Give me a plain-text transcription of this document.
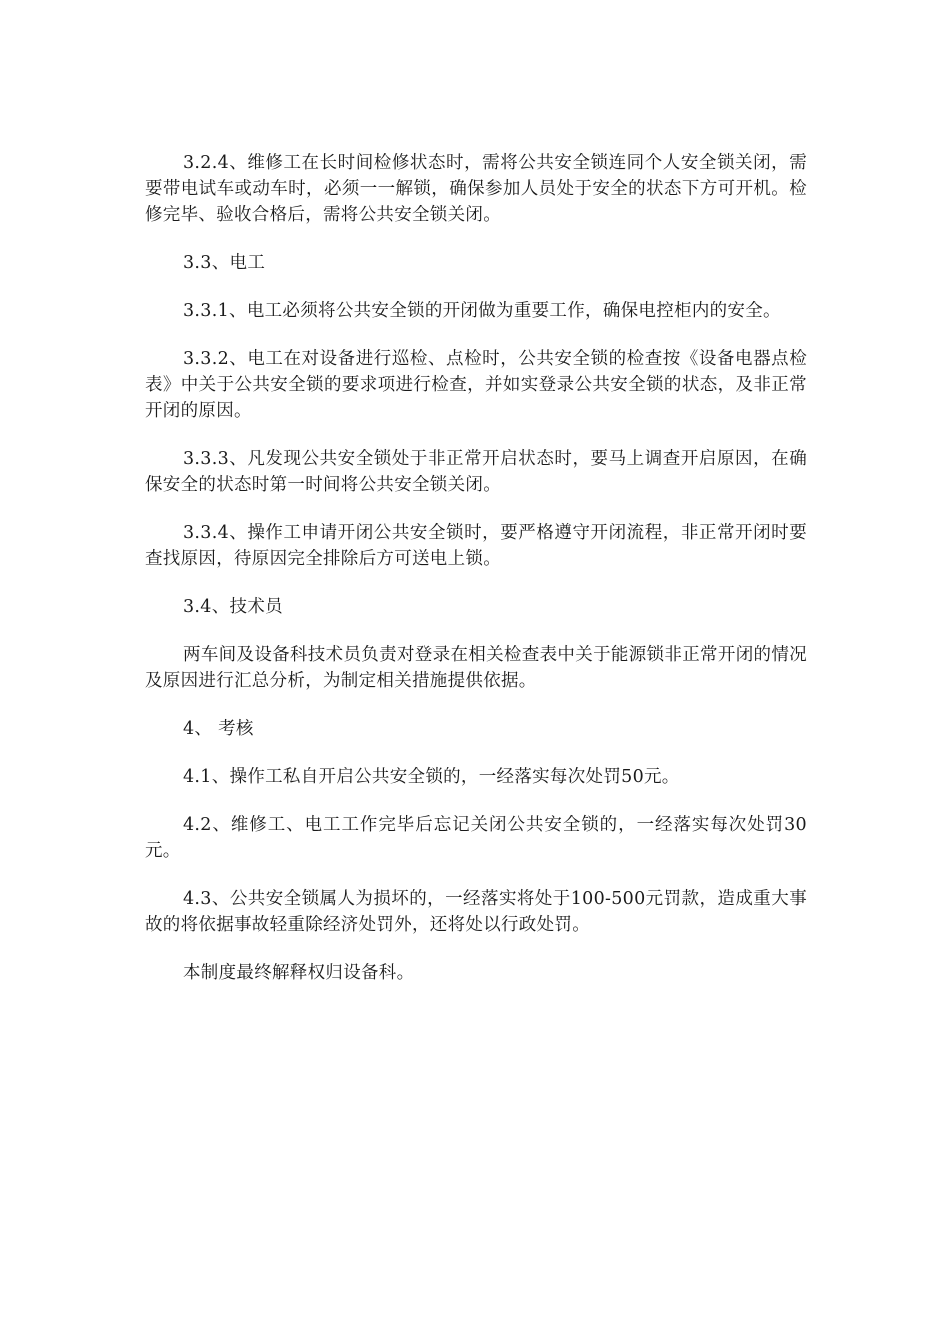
3.2.4、维修工在长时间检修状态时，需将公共安全锁连同个人安全锁关闭，需要带电试车或动车时，必须一一解锁，确保参加人员处于安全的状态下方可开机。检修完毕、验收合格后，需将公共安全锁关闭。

3.3、电工

3.3.1、电工必须将公共安全锁的开闭做为重要工作，确保电控柜内的安全。

3.3.2、电工在对设备进行巡检、点检时，公共安全锁的检查按《设备电器点检表》中关于公共安全锁的要求项进行检查，并如实登录公共安全锁的状态，及非正常开闭的原因。

3.3.3、凡发现公共安全锁处于非正常开启状态时，要马上调查开启原因，在确保安全的状态时第一时间将公共安全锁关闭。

3.3.4、操作工申请开闭公共安全锁时，要严格遵守开闭流程，非正常开闭时要查找原因，待原因完全排除后方可送电上锁。

3.4、技术员

两车间及设备科技术员负责对登录在相关检查表中关于能源锁非正常开闭的情况及原因进行汇总分析，为制定相关措施提供依据。

4、 考核

4.1、操作工私自开启公共安全锁的，一经落实每次处罚50元。

4.2、维修工、电工工作完毕后忘记关闭公共安全锁的，一经落实每次处罚30元。

4.3、公共安全锁属人为损坏的，一经落实将处于100-500元罚款，造成重大事故的将依据事故轻重除经济处罚外，还将处以行政处罚。

本制度最终解释权归设备科。
